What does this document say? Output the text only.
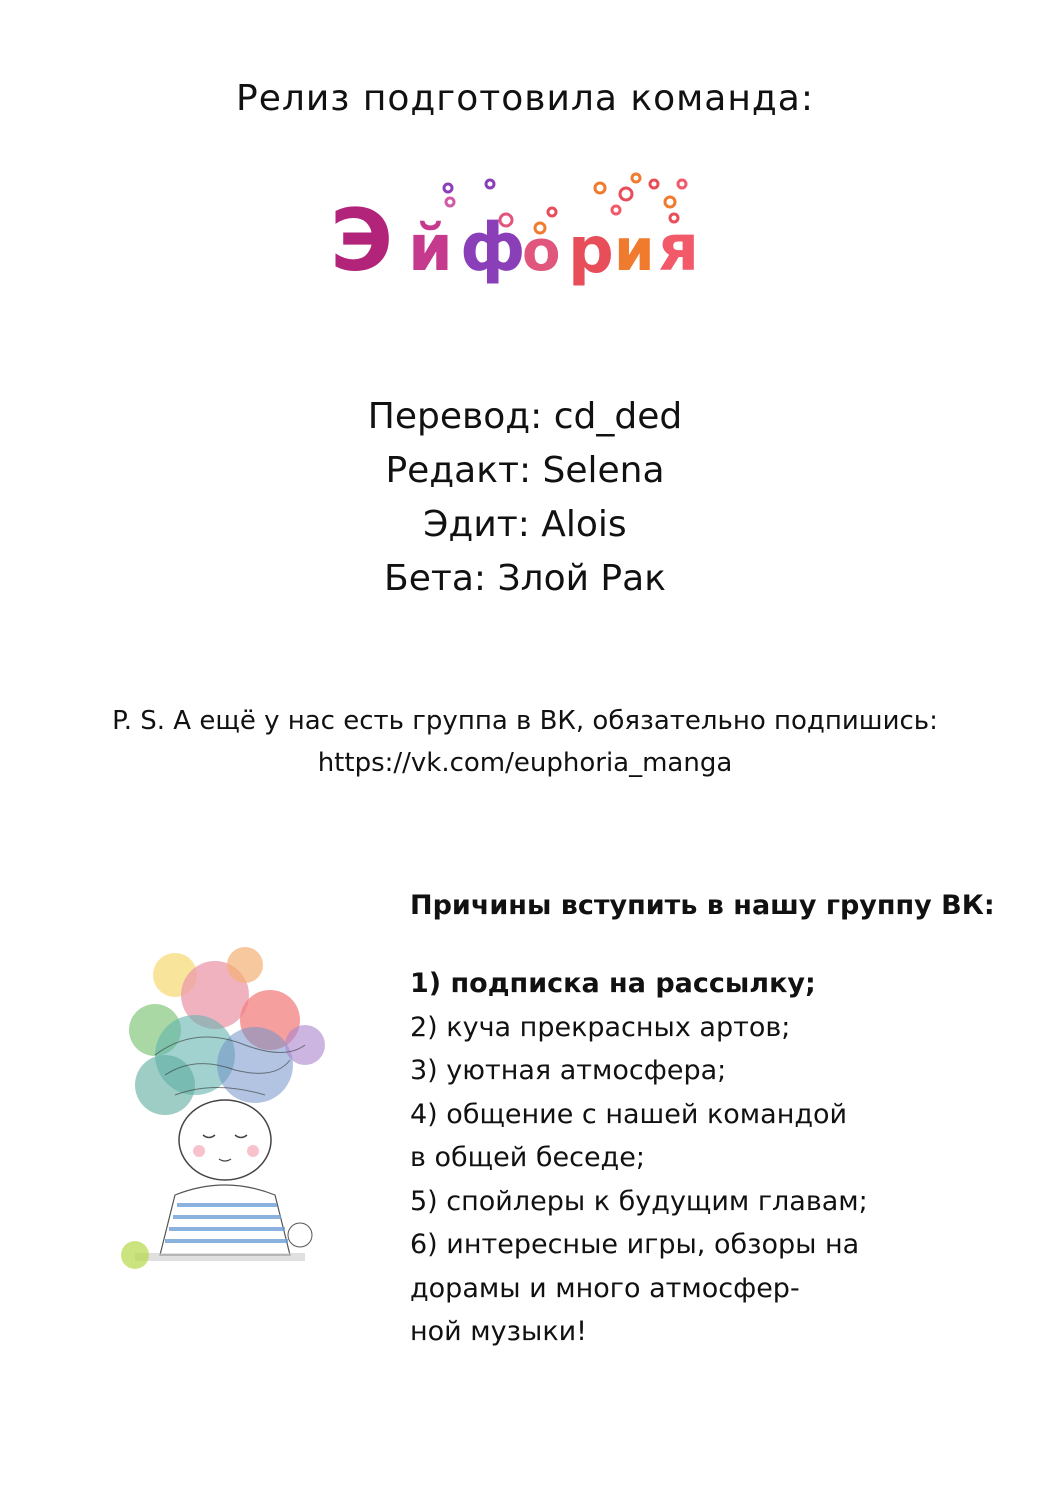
Релиз подготовила команда:
Э й ф
о р и я
Перевод: cd_ded
Редакт: Selena
Эдит: Alois
Бета: Злой Рак
P. S. А ещё у нас есть группа в ВК, обязательно подпишись:
https://vk.com/euphoria_manga
Причины вступить в нашу группу ВК:
1) подписка на рассылку;
2) куча прекрасных артов;
3) уютная атмосфера;
4) общение с нашей командой
в общей беседе;
5) спойлеры к будущим главам;
6) интересные игры, обзоры на
дорамы и много атмосфер-
ной музыки!
